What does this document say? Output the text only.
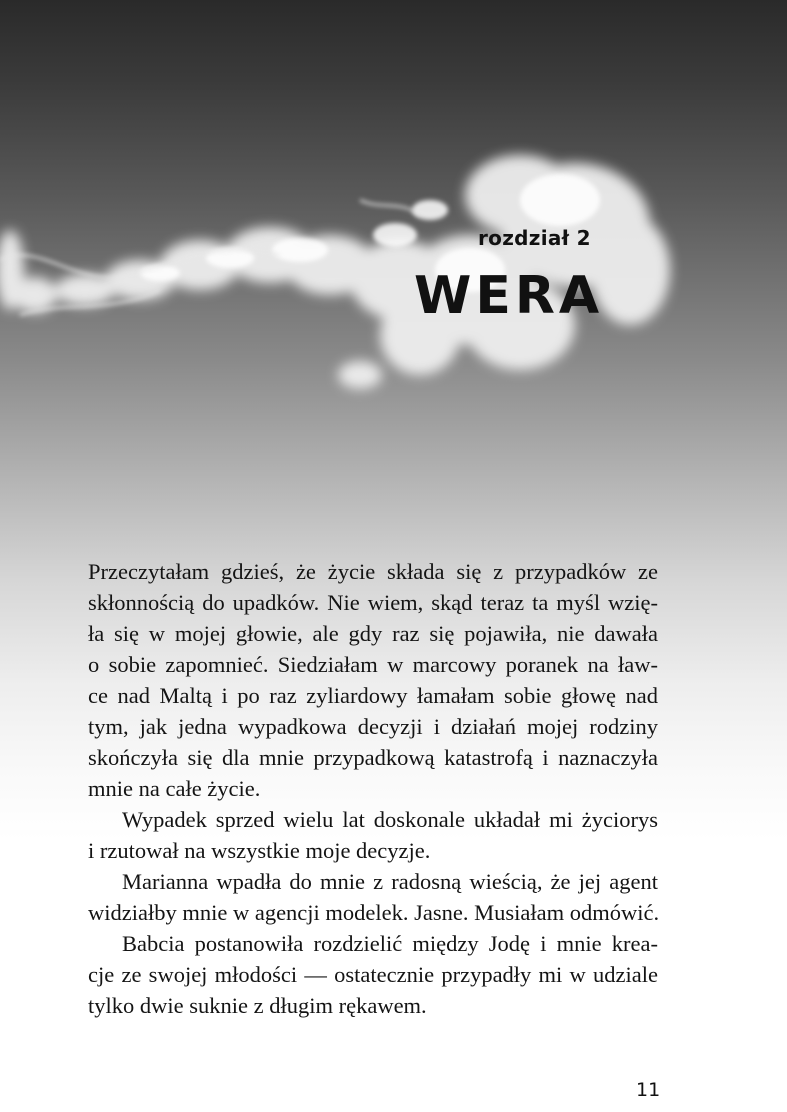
rozdział 2
WERA
Przeczytałam gdzieś, że życie składa się z przypadków ze
skłonnością do upadków. Nie wiem, skąd teraz ta myśl wzię-
ła się w mojej głowie, ale gdy raz się pojawiła, nie dawała
o sobie zapomnieć. Siedziałam w marcowy poranek na ław-
ce nad Maltą i po raz zyliardowy łamałam sobie głowę nad
tym, jak jedna wypadkowa decyzji i działań mojej rodziny
skończyła się dla mnie przypadkową katastrofą i naznaczyła
mnie na całe życie.
Wypadek sprzed wielu lat doskonale układał mi życiorys
i rzutował na wszystkie moje decyzje.
Marianna wpadła do mnie z radosną wieścią, że jej agent
widziałby mnie w agencji modelek. Jasne. Musiałam odmówić.
Babcia postanowiła rozdzielić między Jodę i mnie krea-
cje ze swojej młodości — ostatecznie przypadły mi w udziale
tylko dwie suknie z długim rękawem.
11
